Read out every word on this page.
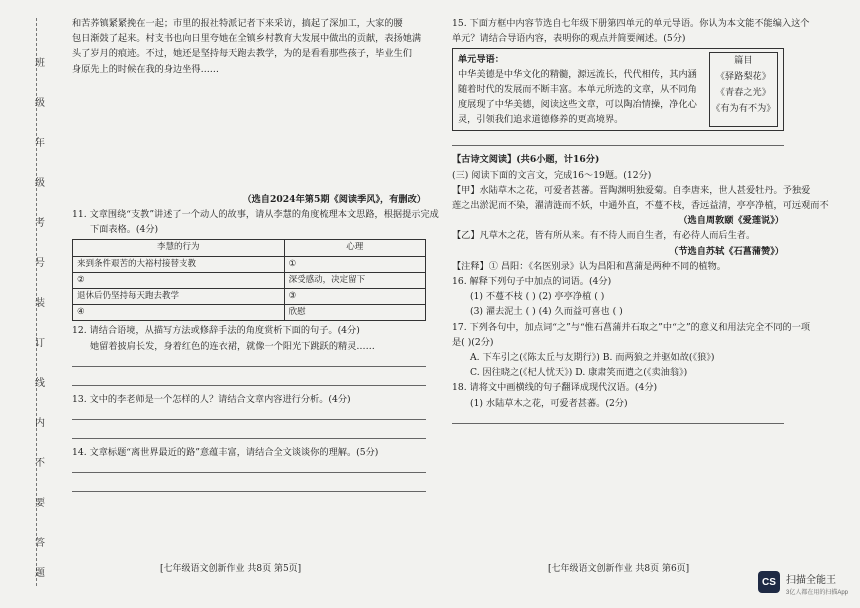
班
级
年
级
考
号
装
订
线
内
不
要
答
题

和苦荞镇紧紧挽在一起；市里的报社特派记者下来采访，搞起了深加工，大家的腰

包日渐鼓了起来。村支书也向日里夸她在全镇乡村教育大发展中做出的贡献，表扬她满

头了岁月的痕迹。不过，她还是坚持每天跑去教学，为的是看看那些孩子，毕业生们

身原先上的时候在我的身边坐得……

（选自2024年第5期《阅读季风》，有删改）

11. 文章围绕“支教”讲述了一个动人的故事，请从李慧的角度梳理本文思路，根据提示完成

下面表格。(4分)

李慧的行为	心理
来到条件艰苦的大裕村接替支教	①
②	深受感动，决定留下
退休后仍坚持每天跑去教学	③
④	欣慰

12. 请结合语境，从描写方法或修辞手法的角度赏析下面的句子。(4分)

她留着披肩长发，身着红色的连衣裙，就像一个阳光下跳跃的精灵……

13. 文中的李老师是一个怎样的人？请结合文章内容进行分析。(4分)

14. 文章标题“离世界最近的路”意蕴丰富，请结合全文谈谈你的理解。(5分)

15. 下面方框中内容节选自七年级下册第四单元的单元导语。你认为本文能不能编入这个

单元？请结合导语内容，表明你的观点并简要阐述。(5分)

单元导语：
中华美德是中华文化的精髓，源远流长，代代相传，其内涵随着时代的发展而不断丰富。本单元所选的文章，从不同角度展现了中华美德，阅读这些文章，可以陶冶情操，净化心灵，引领我们追求道德修养的更高境界。
篇目
《驿路梨花》
《青春之光》
《有为有不为》

【古诗文阅读】(共6小题，计16分)

(三) 阅读下面的文言文，完成16～19题。(12分)

【甲】水陆草木之花，可爱者甚蕃。晋陶渊明独爱菊。自李唐来，世人甚爱牡丹。予独爱

莲之出淤泥而不染，濯清涟而不妖，中通外直，不蔓不枝，香远益清，亭亭净植，可远观而不

（选自周敦颐《爱莲说》）

【乙】凡草木之花，皆有所从来。有不待人而自生者，有必待人而后生者。

（节选自苏轼《石菖蒲赞》）

【注释】① 昌阳：《名医别录》认为昌阳和菖蒲是两种不同的植物。

16. 解释下列句子中加点的词语。(4分)

(1) 不蔓不枝 ( ) (2) 亭亭净植 ( )

(3) 濯去泥土 ( ) (4) 久而益可喜也 ( )

17. 下列各句中，加点词“之”与“惟石菖蒲并石取之”中“之”的意义和用法完全不同的一项

是( )(2分)

A. 下车引之(《陈太丘与友期行》) B. 而两狼之并驱如故(《狼》)

C. 因往晓之(《杞人忧天》) D. 康肃笑而遣之(《卖油翁》)

18. 请将文中画横线的句子翻译成现代汉语。(4分)

(1) 水陆草木之花，可爱者甚蕃。(2分)

[七年级语文创新作业 共8页 第5页]	[七年级语文创新作业 共8页 第6页]
CS	扫描全能王
3亿人都在用的扫描App
